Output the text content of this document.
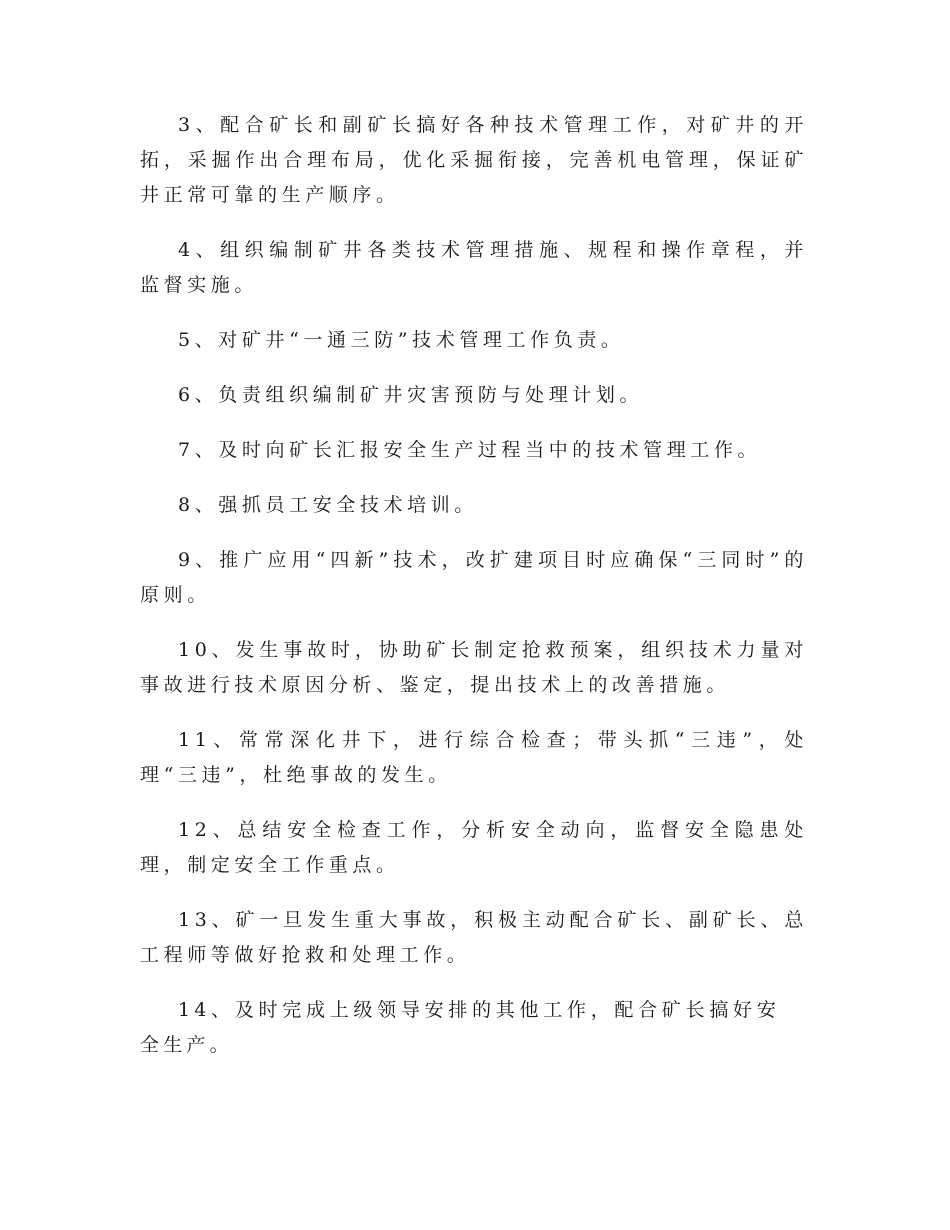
3、配合矿长和副矿长搞好各种技术管理工作，对矿井的开拓，采掘作出合理布局，优化采掘衔接，完善机电管理，保证矿井正常可靠的生产顺序。

4、组织编制矿井各类技术管理措施、规程和操作章程，并监督实施。

5、对矿井“一通三防”技术管理工作负责。

6、负责组织编制矿井灾害预防与处理计划。

7、及时向矿长汇报安全生产过程当中的技术管理工作。

8、强抓员工安全技术培训。

9、推广应用“四新”技术，改扩建项目时应确保“三同时”的原则。

10、发生事故时，协助矿长制定抢救预案，组织技术力量对事故进行技术原因分析、鉴定，提出技术上的改善措施。

11、常常深化井下，进行综合检查；带头抓“三违”，处理“三违”，杜绝事故的发生。

12、总结安全检查工作，分析安全动向，监督安全隐患处理，制定安全工作重点。

13、矿一旦发生重大事故，积极主动配合矿长、副矿长、总工程师等做好抢救和处理工作。

14、及时完成上级领导安排的其他工作，配合矿长搞好安全生产。
